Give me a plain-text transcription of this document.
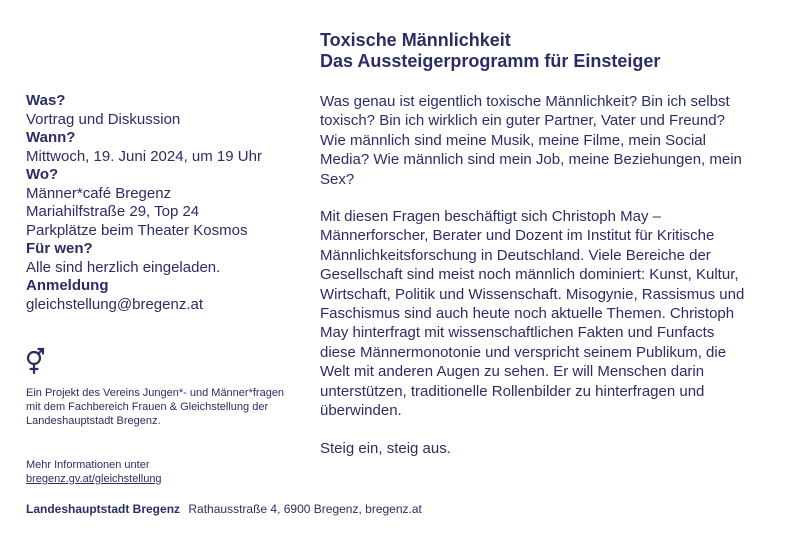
Was?
Vortrag und Diskussion
Wann?
Mittwoch, 19. Juni 2024, um 19 Uhr
Wo?
Männer*café Bregenz
Mariahilfstraße 29, Top 24
Parkplätze beim Theater Kosmos
Für wen?
Alle sind herzlich eingeladen.
Anmeldung
gleichstellung@bregenz.at
Ein Projekt des Vereins Jungen*- und Männer*fragen mit dem Fachbereich Frauen & Gleichstellung der Landeshauptstadt Bregenz.
Mehr Informationen unter
bregenz.gv.at/gleichstellung
Toxische Männlichkeit
Das Aussteigerprogramm für Einsteiger

Was genau ist eigentlich toxische Männlichkeit? Bin ich selbst toxisch? Bin ich wirklich ein guter Partner, Vater und Freund? Wie männlich sind meine Musik, meine Filme, mein Social Media? Wie männlich sind mein Job, meine Beziehungen, mein Sex?

Mit diesen Fragen beschäftigt sich Christoph May – Männerforscher, Berater und Dozent im Institut für Kritische Männlichkeitsforschung in Deutschland. Viele Bereiche der Gesellschaft sind meist noch männlich dominiert: Kunst, Kultur, Wirtschaft, Politik und Wissenschaft. Misogynie, Rassismus und Faschismus sind auch heute noch aktuelle Themen. Christoph May hinterfragt mit wissenschaftlichen Fakten und Funfacts diese Männermonotonie und verspricht seinem Publikum, die Welt mit anderen Augen zu sehen. Er will Menschen darin unterstützen, traditionelle Rollenbilder zu hinterfragen und überwinden.

Steig ein, steig aus.

Landeshauptstadt Bregenz Rathausstraße 4, 6900 Bregenz, bregenz.at
